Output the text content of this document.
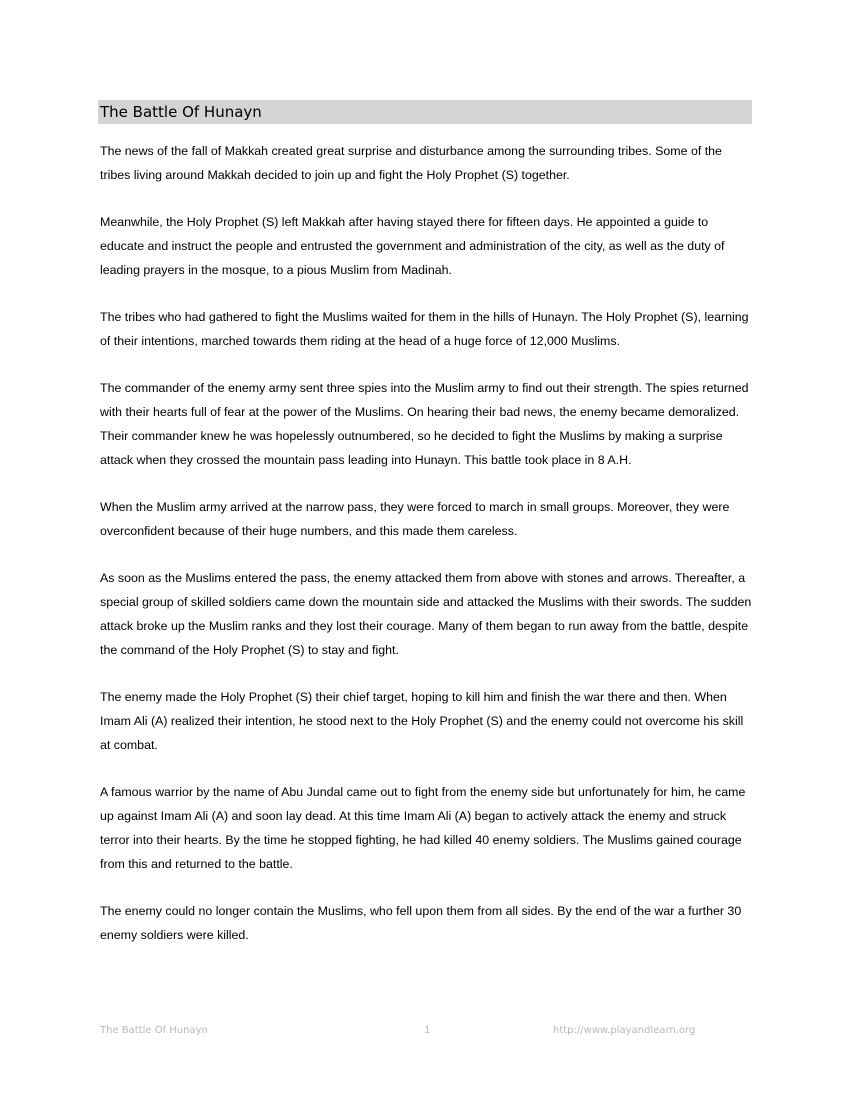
The Battle Of Hunayn

The news of the fall of Makkah created great surprise and disturbance among the surrounding tribes. Some of the tribes living around Makkah decided to join up and fight the Holy Prophet (S) together.

Meanwhile, the Holy Prophet (S) left Makkah after having stayed there for fifteen days. He appointed a guide to educate and instruct the people and entrusted the government and administration of the city, as well as the duty of leading prayers in the mosque, to a pious Muslim from Madinah.

The tribes who had gathered to fight the Muslims waited for them in the hills of Hunayn. The Holy Prophet (S), learning of their intentions, marched towards them riding at the head of a huge force of 12,000 Muslims.

The commander of the enemy army sent three spies into the Muslim army to find out their strength. The spies returned with their hearts full of fear at the power of the Muslims. On hearing their bad news, the enemy became demoralized. Their commander knew he was hopelessly outnumbered, so he decided to fight the Muslims by making a surprise attack when they crossed the mountain pass leading into Hunayn. This battle took place in 8 A.H.

When the Muslim army arrived at the narrow pass, they were forced to march in small groups. Moreover, they were overconfident because of their huge numbers, and this made them careless.

As soon as the Muslims entered the pass, the enemy attacked them from above with stones and arrows. Thereafter, a special group of skilled soldiers came down the mountain side and attacked the Muslims with their swords. The sudden attack broke up the Muslim ranks and they lost their courage. Many of them began to run away from the battle, despite the command of the Holy Prophet (S) to stay and fight.

The enemy made the Holy Prophet (S) their chief target, hoping to kill him and finish the war there and then. When Imam Ali (A) realized their intention, he stood next to the Holy Prophet (S) and the enemy could not overcome his skill at combat.

A famous warrior by the name of Abu Jundal came out to fight from the enemy side but unfortunately for him, he came up against Imam Ali (A) and soon lay dead. At this time Imam Ali (A) began to actively attack the enemy and struck terror into their hearts. By the time he stopped fighting, he had killed 40 enemy soldiers. The Muslims gained courage from this and returned to the battle.

The enemy could no longer contain the Muslims, who fell upon them from all sides. By the end of the war a further 30 enemy soldiers were killed.

The Battle Of Hunayn	1	http://www.playandlearn.org
